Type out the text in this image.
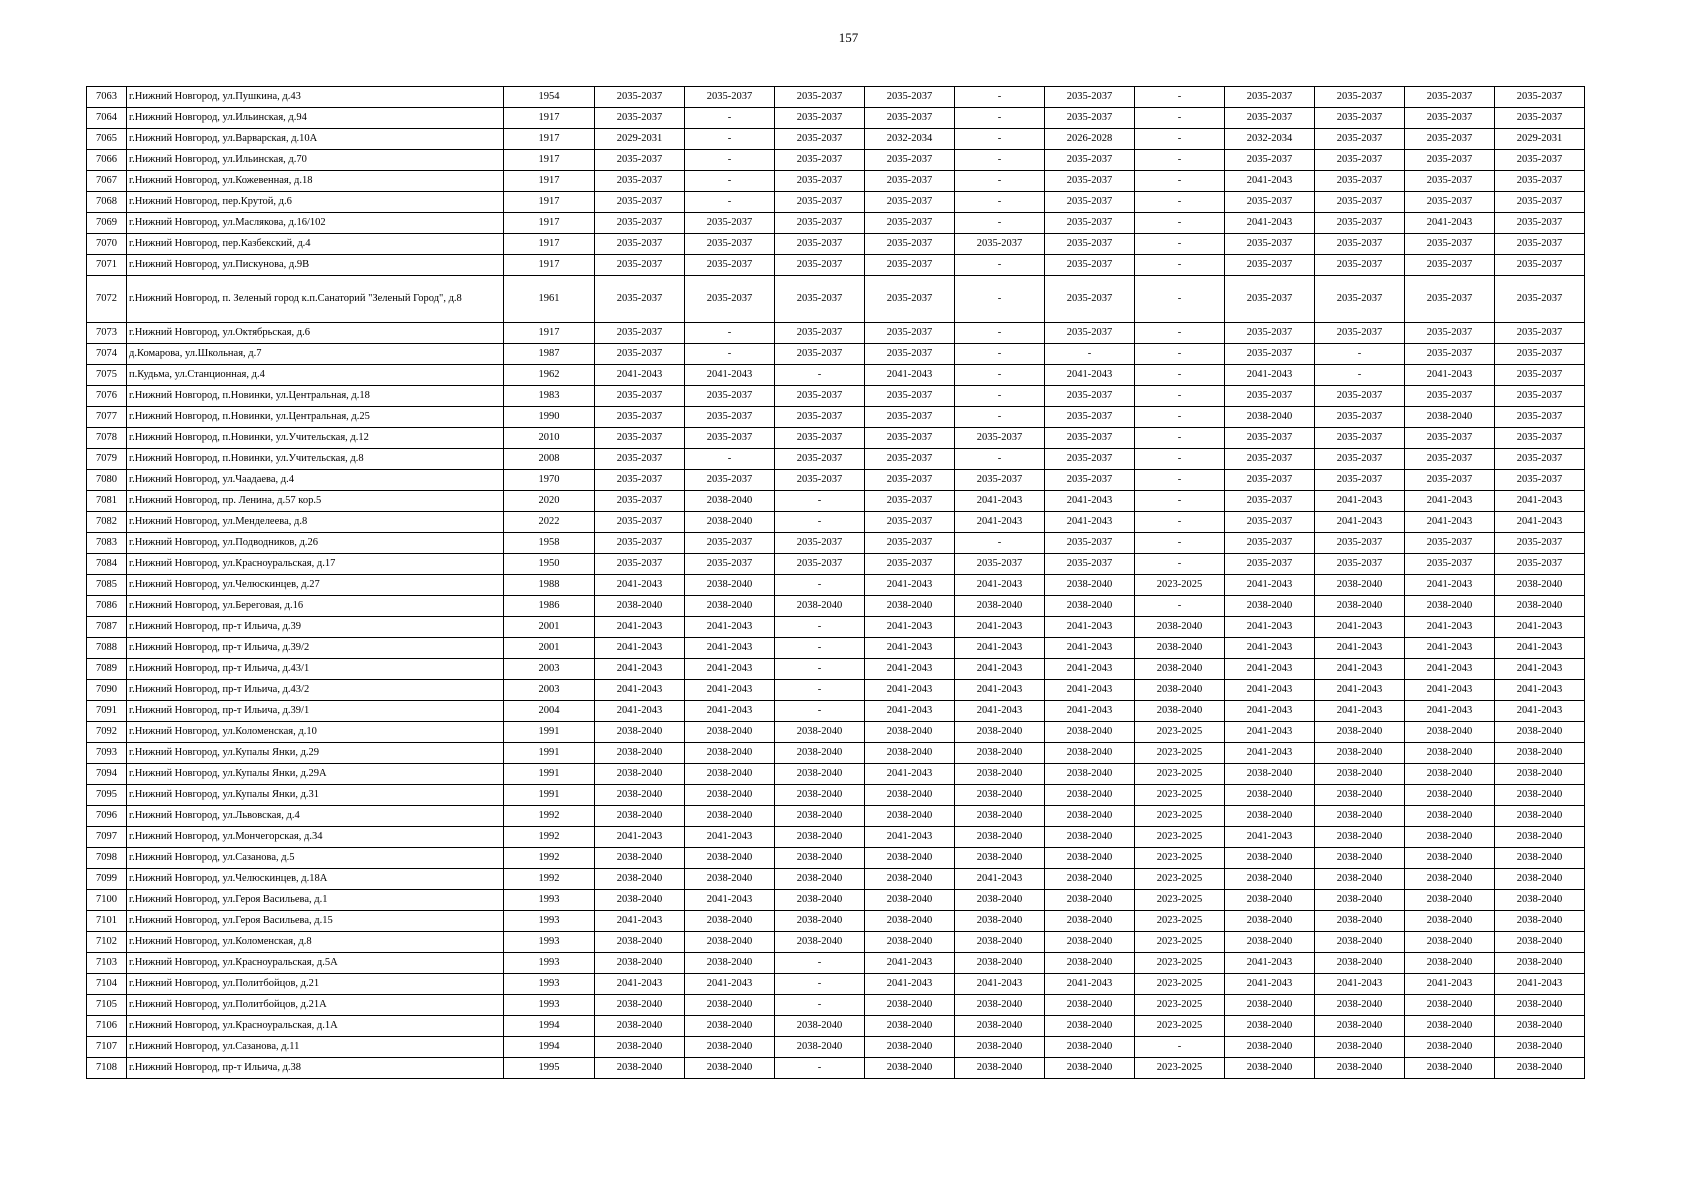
157
7063	г.Нижний Новгород, ул.Пушкина, д.43	1954	2035-2037	2035-2037	2035-2037	2035-2037	-	2035-2037	-	2035-2037	2035-2037	2035-2037	2035-2037
7064	г.Нижний Новгород, ул.Ильинская, д.94	1917	2035-2037	-	2035-2037	2035-2037	-	2035-2037	-	2035-2037	2035-2037	2035-2037	2035-2037
7065	г.Нижний Новгород, ул.Варварская, д.10А	1917	2029-2031	-	2035-2037	2032-2034	-	2026-2028	-	2032-2034	2035-2037	2035-2037	2029-2031
7066	г.Нижний Новгород, ул.Ильинская, д.70	1917	2035-2037	-	2035-2037	2035-2037	-	2035-2037	-	2035-2037	2035-2037	2035-2037	2035-2037
7067	г.Нижний Новгород, ул.Кожевенная, д.18	1917	2035-2037	-	2035-2037	2035-2037	-	2035-2037	-	2041-2043	2035-2037	2035-2037	2035-2037
7068	г.Нижний Новгород, пер.Крутой, д.6	1917	2035-2037	-	2035-2037	2035-2037	-	2035-2037	-	2035-2037	2035-2037	2035-2037	2035-2037
7069	г.Нижний Новгород, ул.Маслякова, д.16/102	1917	2035-2037	2035-2037	2035-2037	2035-2037	-	2035-2037	-	2041-2043	2035-2037	2041-2043	2035-2037
7070	г.Нижний Новгород, пер.Казбекский, д.4	1917	2035-2037	2035-2037	2035-2037	2035-2037	2035-2037	2035-2037	-	2035-2037	2035-2037	2035-2037	2035-2037
7071	г.Нижний Новгород, ул.Пискунова, д.9В	1917	2035-2037	2035-2037	2035-2037	2035-2037	-	2035-2037	-	2035-2037	2035-2037	2035-2037	2035-2037
7072	г.Нижний Новгород, п. Зеленый город к.п.Санаторий "Зеленый Город", д.8	1961	2035-2037	2035-2037	2035-2037	2035-2037	-	2035-2037	-	2035-2037	2035-2037	2035-2037	2035-2037
7073	г.Нижний Новгород, ул.Октябрьская, д.6	1917	2035-2037	-	2035-2037	2035-2037	-	2035-2037	-	2035-2037	2035-2037	2035-2037	2035-2037
7074	д.Комарова, ул.Школьная, д.7	1987	2035-2037	-	2035-2037	2035-2037	-	-	-	2035-2037	-	2035-2037	2035-2037
7075	п.Кудьма, ул.Станционная, д.4	1962	2041-2043	2041-2043	-	2041-2043	-	2041-2043	-	2041-2043	-	2041-2043	2035-2037
7076	г.Нижний Новгород, п.Новинки, ул.Центральная, д.18	1983	2035-2037	2035-2037	2035-2037	2035-2037	-	2035-2037	-	2035-2037	2035-2037	2035-2037	2035-2037
7077	г.Нижний Новгород, п.Новинки, ул.Центральная, д.25	1990	2035-2037	2035-2037	2035-2037	2035-2037	-	2035-2037	-	2038-2040	2035-2037	2038-2040	2035-2037
7078	г.Нижний Новгород, п.Новинки, ул.Учительская, д.12	2010	2035-2037	2035-2037	2035-2037	2035-2037	2035-2037	2035-2037	-	2035-2037	2035-2037	2035-2037	2035-2037
7079	г.Нижний Новгород, п.Новинки, ул.Учительская, д.8	2008	2035-2037	-	2035-2037	2035-2037	-	2035-2037	-	2035-2037	2035-2037	2035-2037	2035-2037
7080	г.Нижний Новгород, ул.Чаадаева, д.4	1970	2035-2037	2035-2037	2035-2037	2035-2037	2035-2037	2035-2037	-	2035-2037	2035-2037	2035-2037	2035-2037
7081	г.Нижний Новгород, пр. Ленина, д.57 кор.5	2020	2035-2037	2038-2040	-	2035-2037	2041-2043	2041-2043	-	2035-2037	2041-2043	2041-2043	2041-2043
7082	г.Нижний Новгород, ул.Менделеева, д.8	2022	2035-2037	2038-2040	-	2035-2037	2041-2043	2041-2043	-	2035-2037	2041-2043	2041-2043	2041-2043
7083	г.Нижний Новгород, ул.Подводников, д.26	1958	2035-2037	2035-2037	2035-2037	2035-2037	-	2035-2037	-	2035-2037	2035-2037	2035-2037	2035-2037
7084	г.Нижний Новгород, ул.Красноуральская, д.17	1950	2035-2037	2035-2037	2035-2037	2035-2037	2035-2037	2035-2037	-	2035-2037	2035-2037	2035-2037	2035-2037
7085	г.Нижний Новгород, ул.Челюскинцев, д.27	1988	2041-2043	2038-2040	-	2041-2043	2041-2043	2038-2040	2023-2025	2041-2043	2038-2040	2041-2043	2038-2040
7086	г.Нижний Новгород, ул.Береговая, д.16	1986	2038-2040	2038-2040	2038-2040	2038-2040	2038-2040	2038-2040	-	2038-2040	2038-2040	2038-2040	2038-2040
7087	г.Нижний Новгород, пр-т Ильича, д.39	2001	2041-2043	2041-2043	-	2041-2043	2041-2043	2041-2043	2038-2040	2041-2043	2041-2043	2041-2043	2041-2043
7088	г.Нижний Новгород, пр-т Ильича, д.39/2	2001	2041-2043	2041-2043	-	2041-2043	2041-2043	2041-2043	2038-2040	2041-2043	2041-2043	2041-2043	2041-2043
7089	г.Нижний Новгород, пр-т Ильича, д.43/1	2003	2041-2043	2041-2043	-	2041-2043	2041-2043	2041-2043	2038-2040	2041-2043	2041-2043	2041-2043	2041-2043
7090	г.Нижний Новгород, пр-т Ильича, д.43/2	2003	2041-2043	2041-2043	-	2041-2043	2041-2043	2041-2043	2038-2040	2041-2043	2041-2043	2041-2043	2041-2043
7091	г.Нижний Новгород, пр-т Ильича, д.39/1	2004	2041-2043	2041-2043	-	2041-2043	2041-2043	2041-2043	2038-2040	2041-2043	2041-2043	2041-2043	2041-2043
7092	г.Нижний Новгород, ул.Коломенская, д.10	1991	2038-2040	2038-2040	2038-2040	2038-2040	2038-2040	2038-2040	2023-2025	2041-2043	2038-2040	2038-2040	2038-2040
7093	г.Нижний Новгород, ул.Купалы Янки, д.29	1991	2038-2040	2038-2040	2038-2040	2038-2040	2038-2040	2038-2040	2023-2025	2041-2043	2038-2040	2038-2040	2038-2040
7094	г.Нижний Новгород, ул.Купалы Янки, д.29А	1991	2038-2040	2038-2040	2038-2040	2041-2043	2038-2040	2038-2040	2023-2025	2038-2040	2038-2040	2038-2040	2038-2040
7095	г.Нижний Новгород, ул.Купалы Янки, д.31	1991	2038-2040	2038-2040	2038-2040	2038-2040	2038-2040	2038-2040	2023-2025	2038-2040	2038-2040	2038-2040	2038-2040
7096	г.Нижний Новгород, ул.Львовская, д.4	1992	2038-2040	2038-2040	2038-2040	2038-2040	2038-2040	2038-2040	2023-2025	2038-2040	2038-2040	2038-2040	2038-2040
7097	г.Нижний Новгород, ул.Мончегорская, д.34	1992	2041-2043	2041-2043	2038-2040	2041-2043	2038-2040	2038-2040	2023-2025	2041-2043	2038-2040	2038-2040	2038-2040
7098	г.Нижний Новгород, ул.Сазанова, д.5	1992	2038-2040	2038-2040	2038-2040	2038-2040	2038-2040	2038-2040	2023-2025	2038-2040	2038-2040	2038-2040	2038-2040
7099	г.Нижний Новгород, ул.Челюскинцев, д.18А	1992	2038-2040	2038-2040	2038-2040	2038-2040	2041-2043	2038-2040	2023-2025	2038-2040	2038-2040	2038-2040	2038-2040
7100	г.Нижний Новгород, ул.Героя Васильева, д.1	1993	2038-2040	2041-2043	2038-2040	2038-2040	2038-2040	2038-2040	2023-2025	2038-2040	2038-2040	2038-2040	2038-2040
7101	г.Нижний Новгород, ул.Героя Васильева, д.15	1993	2041-2043	2038-2040	2038-2040	2038-2040	2038-2040	2038-2040	2023-2025	2038-2040	2038-2040	2038-2040	2038-2040
7102	г.Нижний Новгород, ул.Коломенская, д.8	1993	2038-2040	2038-2040	2038-2040	2038-2040	2038-2040	2038-2040	2023-2025	2038-2040	2038-2040	2038-2040	2038-2040
7103	г.Нижний Новгород, ул.Красноуральская, д.5А	1993	2038-2040	2038-2040	-	2041-2043	2038-2040	2038-2040	2023-2025	2041-2043	2038-2040	2038-2040	2038-2040
7104	г.Нижний Новгород, ул.Политбойцов, д.21	1993	2041-2043	2041-2043	-	2041-2043	2041-2043	2041-2043	2023-2025	2041-2043	2041-2043	2041-2043	2041-2043
7105	г.Нижний Новгород, ул.Политбойцов, д.21А	1993	2038-2040	2038-2040	-	2038-2040	2038-2040	2038-2040	2023-2025	2038-2040	2038-2040	2038-2040	2038-2040
7106	г.Нижний Новгород, ул.Красноуральская, д.1А	1994	2038-2040	2038-2040	2038-2040	2038-2040	2038-2040	2038-2040	2023-2025	2038-2040	2038-2040	2038-2040	2038-2040
7107	г.Нижний Новгород, ул.Сазанова, д.11	1994	2038-2040	2038-2040	2038-2040	2038-2040	2038-2040	2038-2040	-	2038-2040	2038-2040	2038-2040	2038-2040
7108	г.Нижний Новгород, пр-т Ильича, д.38	1995	2038-2040	2038-2040	-	2038-2040	2038-2040	2038-2040	2023-2025	2038-2040	2038-2040	2038-2040	2038-2040
